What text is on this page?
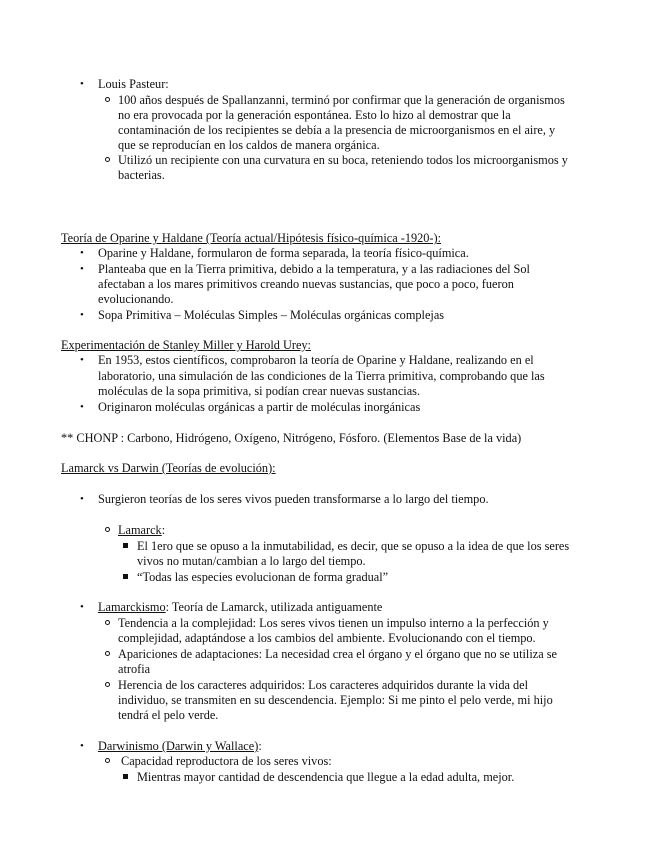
• Louis Pasteur:
100 años después de Spallanzanni, terminó por confirmar que la generación de organismos
no era provocada por la generación espontánea. Esto lo hizo al demostrar que la
contaminación de los recipientes se debía a la presencia de microorganismos en el aire, y
que se reproducían en los caldos de manera orgánica.
Utilizó un recipiente con una curvatura en su boca, reteniendo todos los microorganismos y
bacterias.
Teoría de Oparine y Haldane (Teoría actual/Hipótesis físico-química -1920-):
• Oparine y Haldane, formularon de forma separada, la teoría físico-química.
• Planteaba que en la Tierra primitiva, debido a la temperatura, y a las radiaciones del Sol
afectaban a los mares primitivos creando nuevas sustancias, que poco a poco, fueron
evolucionando.
• Sopa Primitiva – Moléculas Simples – Moléculas orgánicas complejas
Experimentación de Stanley Miller y Harold Urey:
• En 1953, estos científicos, comprobaron la teoría de Oparine y Haldane, realizando en el
laboratorio, una simulación de las condiciones de la Tierra primitiva, comprobando que las
moléculas de la sopa primitiva, si podían crear nuevas sustancias.
• Originaron moléculas orgánicas a partir de moléculas inorgánicas
** CHONP : Carbono, Hidrógeno, Oxígeno, Nitrógeno, Fósforo. (Elementos Base de la vida)
Lamarck vs Darwin (Teorías de evolución):
• Surgieron teorías de los seres vivos pueden transformarse a lo largo del tiempo.
Lamarck:
El 1ero que se opuso a la inmutabilidad, es decir, que se opuso a la idea de que los seres
vivos no mutan/cambian a lo largo del tiempo.
“Todas las especies evolucionan de forma gradual”
• Lamarckismo: Teoría de Lamarck, utilizada antiguamente
Tendencia a la complejidad: Los seres vivos tienen un impulso interno a la perfección y
complejidad, adaptándose a los cambios del ambiente. Evolucionando con el tiempo.
Apariciones de adaptaciones: La necesidad crea el órgano y el órgano que no se utiliza se
atrofia
Herencia de los caracteres adquiridos: Los caracteres adquiridos durante la vida del
individuo, se transmiten en su descendencia. Ejemplo: Si me pinto el pelo verde, mi hijo
tendrá el pelo verde.
• Darwinismo (Darwin y Wallace):
Capacidad reproductora de los seres vivos:
Mientras mayor cantidad de descendencia que llegue a la edad adulta, mejor.
